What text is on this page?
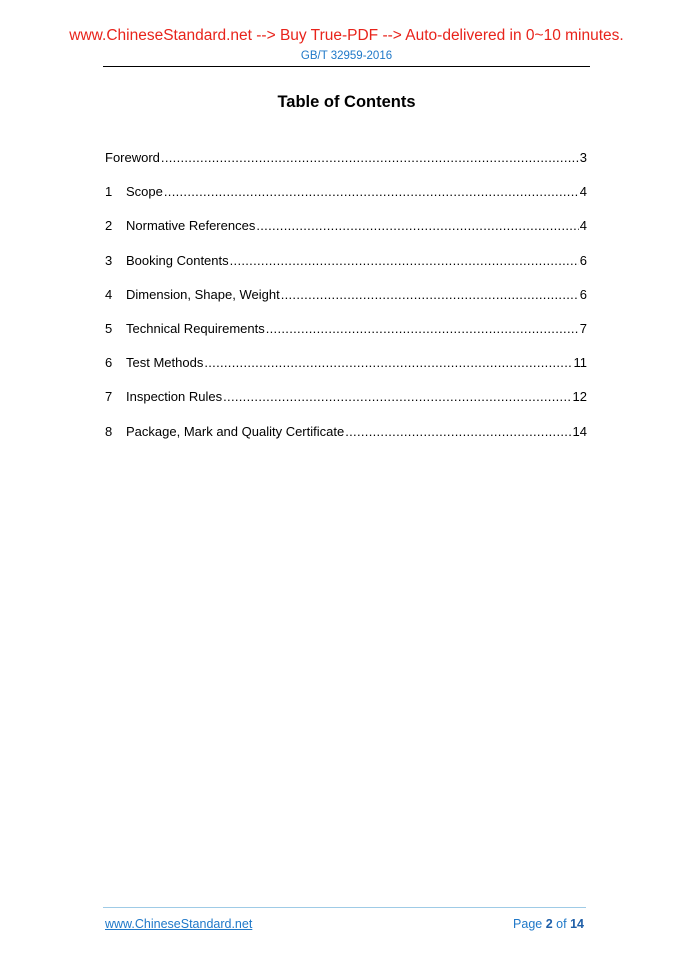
www.ChineseStandard.net --> Buy True-PDF --> Auto-delivered in 0~10 minutes.
GB/T 32959-2016
Table of Contents
Foreword .....	3
1	Scope .....	4
2	Normative References .....	4
3	Booking Contents .....	6
4	Dimension, Shape, Weight .....	6
5	Technical Requirements .....	7
6	Test Methods .....	11
7	Inspection Rules .....	12
8	Package, Mark and Quality Certificate .....	14
www.ChineseStandard.net	Page 2 of 14
